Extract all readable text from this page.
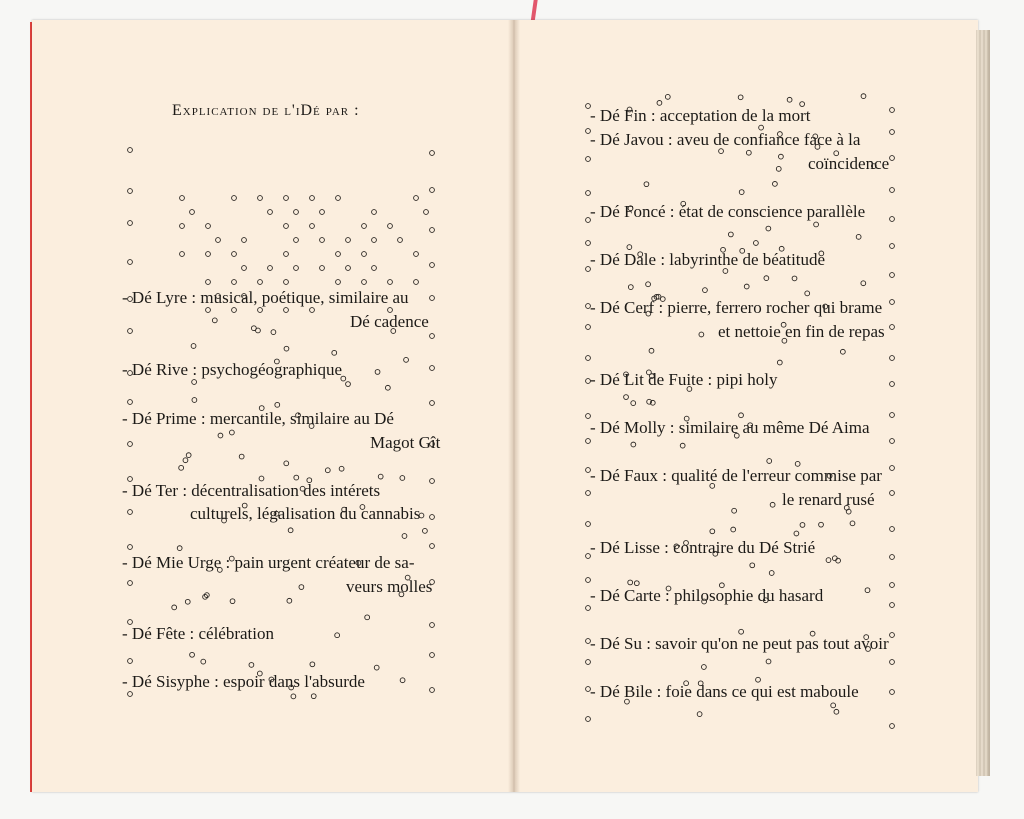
Explication de l'iDé par :
- Dé Lyre : musical, poétique, similaire au
Dé cadence
- Dé Rive : psychogéographique
- Dé Prime : mercantile, similaire au Dé
Magot Gît
- Dé Ter : décentralisation des intérets
culturels, légalisation du cannabis
- Dé Mie Urge : pain urgent créateur de sa-
veurs molles
- Dé Fête : célébration
- Dé Sisyphe : espoir dans l'absurde
- Dé Fin : acceptation de la mort
- Dé Javou : aveu de confiance face à la
coïncidence
- Dé Foncé : état de conscience parallèle
- Dé Dale : labyrinthe de béatitude
- Dé Cerf : pierre, ferrero rocher qui brame
et nettoie en fin de repas
- Dé Lit de Fuite : pipi holy
- Dé Molly : similaire au même Dé Aima
- Dé Faux : qualité de l'erreur commise par
le renard rusé
- Dé Lisse : contraire du Dé Strié
- Dé Carte : philosophie du hasard
- Dé Su : savoir qu'on ne peut pas tout avoir
- Dé Bile : foie dans ce qui est maboule
